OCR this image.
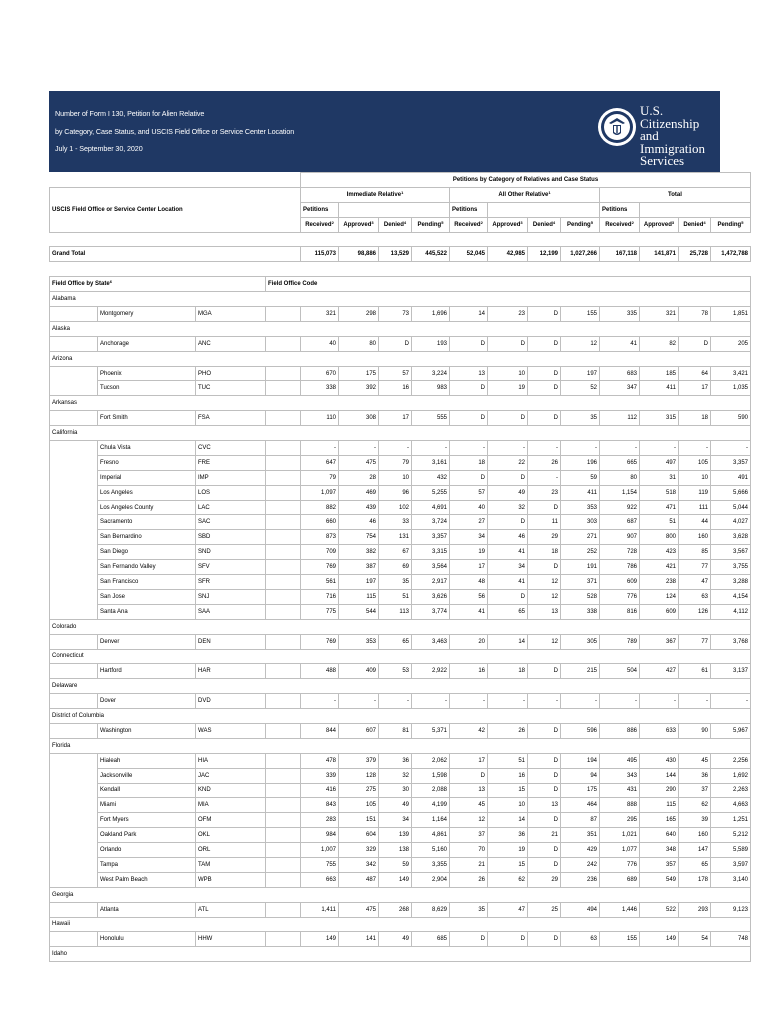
Number of Form I 130, Petition for Alien Relative
by Category, Case Status, and USCIS Field Office or Service Center Location
July 1 - September 30, 2020
U.S. Citizenship
and Immigration
Services
				Petitions by Category of Relatives and Case Status											
USCIS Field Office or Service Center Location				Immediate Relative$^1$				All Other Relative$^1$				Total			
				Petitions				Petitions				Petitions			
				Received$^2$	Approved$^3$	Denied$^4$	Pending$^5$	Received$^2$	Approved$^3$	Denied$^4$	Pending$^5$	Received$^2$	Approved$^3$	Denied$^4$	Pending$^5$

Grand Total				115,073	98,886	13,529	445,522	52,045	42,985	12,199	1,027,266	167,118	141,871	25,728	1,472,788

Field Office by State$^6$			Field Office Code												
Alabama															
	Montgomery	MGA		321	298	73	1,696	14	23	D	155	335	321	78	1,851
Alaska															
	Anchorage	ANC		40	80	D	193	D	D	D	12	41	82	D	205
Arizona															
	Phoenix	PHO		670	175	57	3,224	13	10	D	197	683	185	64	3,421
	Tucson	TUC		338	392	16	983	D	19	D	52	347	411	17	1,035
Arkansas															
	Fort Smith	FSA		110	308	17	555	D	D	D	35	112	315	18	590
California															
	Chula Vista	CVC		-	-	-	-	-	-	-	-	-	-	-	-
	Fresno	FRE		647	475	79	3,161	18	22	26	196	665	497	105	3,357
	Imperial	IMP		79	28	10	432	D	D	-	59	80	31	10	491
	Los Angeles	LOS		1,097	469	96	5,255	57	49	23	411	1,154	518	119	5,666
	Los Angeles County	LAC		882	439	102	4,691	40	32	D	353	922	471	111	5,044
	Sacramento	SAC		660	46	33	3,724	27	D	11	303	687	51	44	4,027
	San Bernardino	SBD		873	754	131	3,357	34	46	29	271	907	800	160	3,628
	San Diego	SND		709	382	67	3,315	19	41	18	252	728	423	85	3,567
	San Fernando Valley	SFV		769	387	69	3,564	17	34	D	191	786	421	77	3,755
	San Francisco	SFR		561	197	35	2,917	48	41	12	371	609	238	47	3,288
	San Jose	SNJ		716	115	51	3,626	56	D	12	528	776	124	63	4,154
	Santa Ana	SAA		775	544	113	3,774	41	65	13	338	816	609	126	4,112
Colorado															
	Denver	DEN		769	353	65	3,463	20	14	12	305	789	367	77	3,768
Connecticut															
	Hartford	HAR		488	409	53	2,922	16	18	D	215	504	427	61	3,137
Delaware															
	Dover	DVD		-	-	-	-	-	-	-	-	-	-	-	-
District of Columbia															
	Washington	WAS		844	607	81	5,371	42	26	D	596	886	633	90	5,967
Florida															
	Hialeah	HIA		478	379	36	2,062	17	51	D	194	495	430	45	2,256
	Jacksonville	JAC		339	128	32	1,598	D	16	D	94	343	144	36	1,692
	Kendall	KND		416	275	30	2,088	13	15	D	175	431	290	37	2,263
	Miami	MIA		843	105	49	4,199	45	10	13	464	888	115	62	4,663
	Fort Myers	OFM		283	151	34	1,164	12	14	D	87	295	165	39	1,251
	Oakland Park	OKL		984	604	139	4,861	37	36	21	351	1,021	640	160	5,212
	Orlando	ORL		1,007	329	138	5,160	70	19	D	429	1,077	348	147	5,589
	Tampa	TAM		755	342	59	3,355	21	15	D	242	776	357	65	3,597
	West Palm Beach	WPB		663	487	149	2,904	26	62	29	236	689	549	178	3,140
Georgia															
	Atlanta	ATL		1,411	475	268	8,629	35	47	25	494	1,446	522	293	9,123
Hawaii															
	Honolulu	HHW		149	141	49	685	D	D	D	63	155	149	54	748
Idaho															
